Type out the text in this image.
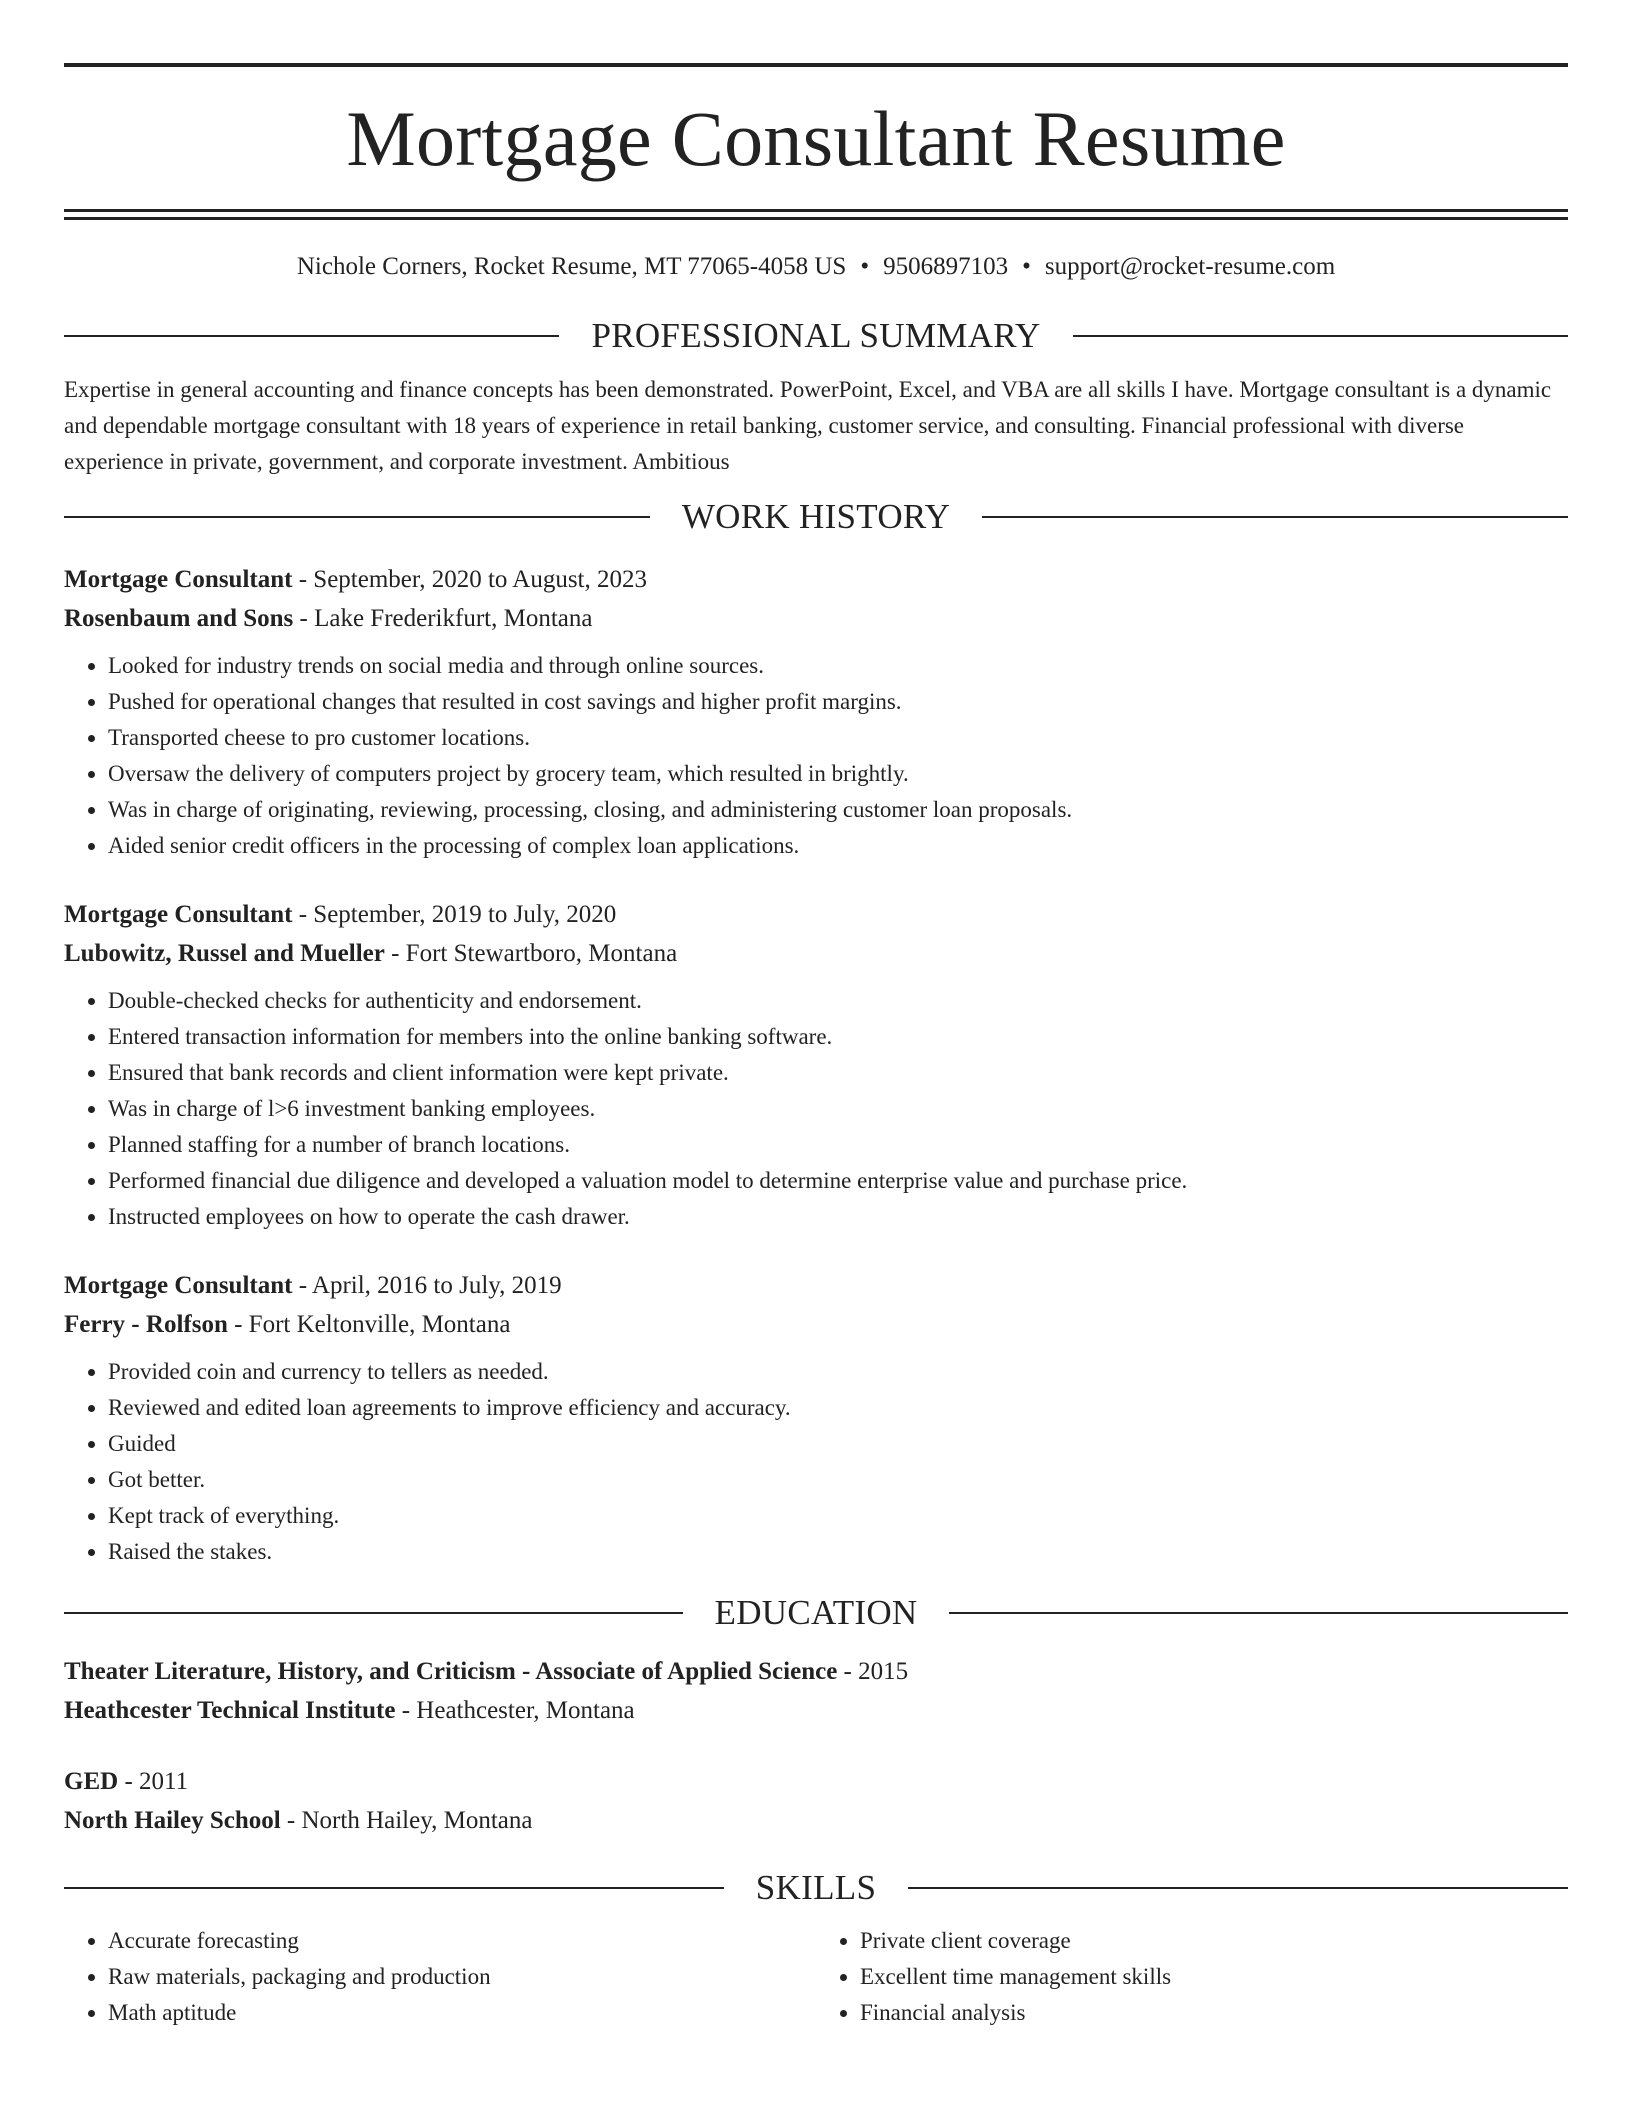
Mortgage Consultant Resume
Nichole Corners, Rocket Resume, MT 77065-4058 US • 9506897103 • support@rocket-resume.com
PROFESSIONAL SUMMARY

Expertise in general accounting and finance concepts has been demonstrated. PowerPoint, Excel, and VBA are all skills I have. Mortgage consultant is a dynamic and dependable mortgage consultant with 18 years of experience in retail banking, customer service, and consulting. Financial professional with diverse experience in private, government, and corporate investment. Ambitious

WORK HISTORY
Mortgage Consultant - September, 2020 to August, 2023
Rosenbaum and Sons - Lake Frederikfurt, Montana
• Looked for industry trends on social media and through online sources.
• Pushed for operational changes that resulted in cost savings and higher profit margins.
• Transported cheese to pro customer locations.
• Oversaw the delivery of computers project by grocery team, which resulted in brightly.
• Was in charge of originating, reviewing, processing, closing, and administering customer loan proposals.
• Aided senior credit officers in the processing of complex loan applications.
Mortgage Consultant - September, 2019 to July, 2020
Lubowitz, Russel and Mueller - Fort Stewartboro, Montana
• Double-checked checks for authenticity and endorsement.
• Entered transaction information for members into the online banking software.
• Ensured that bank records and client information were kept private.
• Was in charge of l>6 investment banking employees.
• Planned staffing for a number of branch locations.
• Performed financial due diligence and developed a valuation model to determine enterprise value and purchase price.
• Instructed employees on how to operate the cash drawer.
Mortgage Consultant - April, 2016 to July, 2019
Ferry - Rolfson - Fort Keltonville, Montana
• Provided coin and currency to tellers as needed.
• Reviewed and edited loan agreements to improve efficiency and accuracy.
• Guided
• Got better.
• Kept track of everything.
• Raised the stakes.
EDUCATION
Theater Literature, History, and Criticism - Associate of Applied Science - 2015
Heathcester Technical Institute - Heathcester, Montana
GED - 2011
North Hailey School - North Hailey, Montana
SKILLS
• Accurate forecasting
• Raw materials, packaging and production
• Math aptitude
• Private client coverage
• Excellent time management skills
• Financial analysis
